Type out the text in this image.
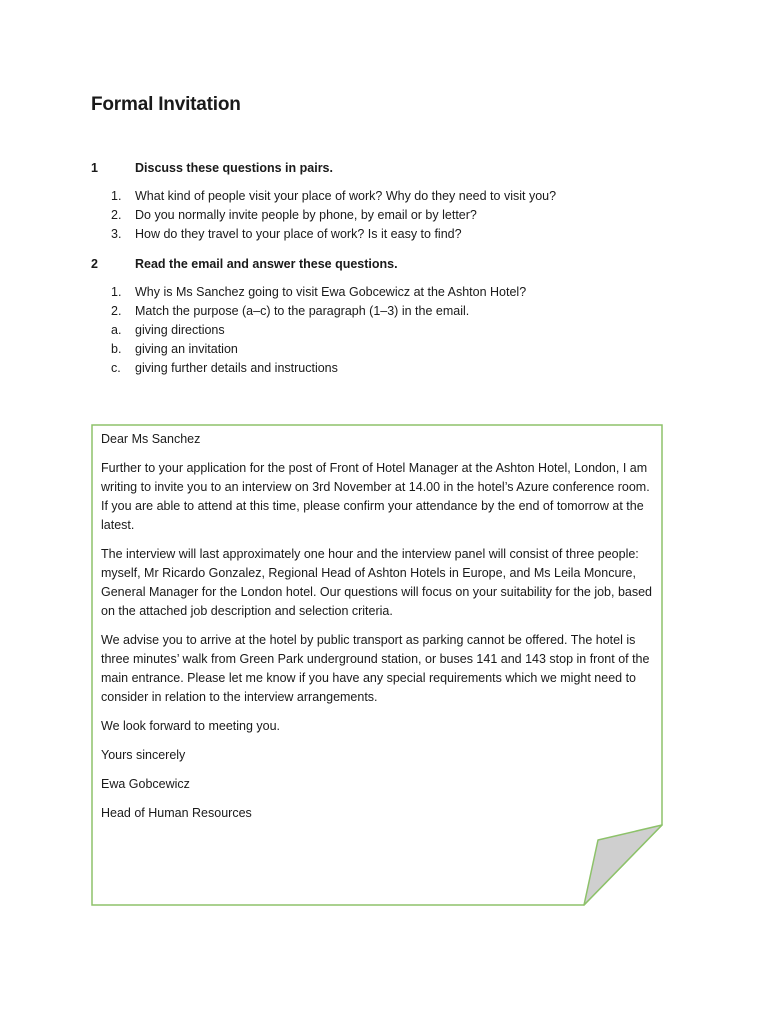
Formal Invitation
1	Discuss these questions in pairs.
1.	What kind of people visit your place of work? Why do they need to visit you?
2.	Do you normally invite people by phone, by email or by letter?
3.	How do they travel to your place of work? Is it easy to find?
2	Read the email and answer these questions.
1.	Why is Ms Sanchez going to visit Ewa Gobcewicz at the Ashton Hotel?
2.	Match the purpose (a–c) to the paragraph (1–3) in the email.
a.	giving directions
b.	giving an invitation
c.	giving further details and instructions

Dear Ms Sanchez

Further to your application for the post of Front of Hotel Manager at the Ashton Hotel, London, I am writing to invite you to an interview on 3rd November at 14.00 in the hotel’s Azure conference room. If you are able to attend at this time, please confirm your attendance by the end of tomorrow at the latest.

The interview will last approximately one hour and the interview panel will consist of three people: myself, Mr Ricardo Gonzalez, Regional Head of Ashton Hotels in Europe, and Ms Leila Moncure, General Manager for the London hotel. Our questions will focus on your suitability for the job, based on the attached job description and selection criteria.

We advise you to arrive at the hotel by public transport as parking cannot be offered. The hotel is three minutes’ walk from Green Park underground station, or buses 141 and 143 stop in front of the main entrance. Please let me know if you have any special requirements which we might need to consider in relation to the interview arrangements.

We look forward to meeting you.

Yours sincerely

Ewa Gobcewicz

Head of Human Resources
